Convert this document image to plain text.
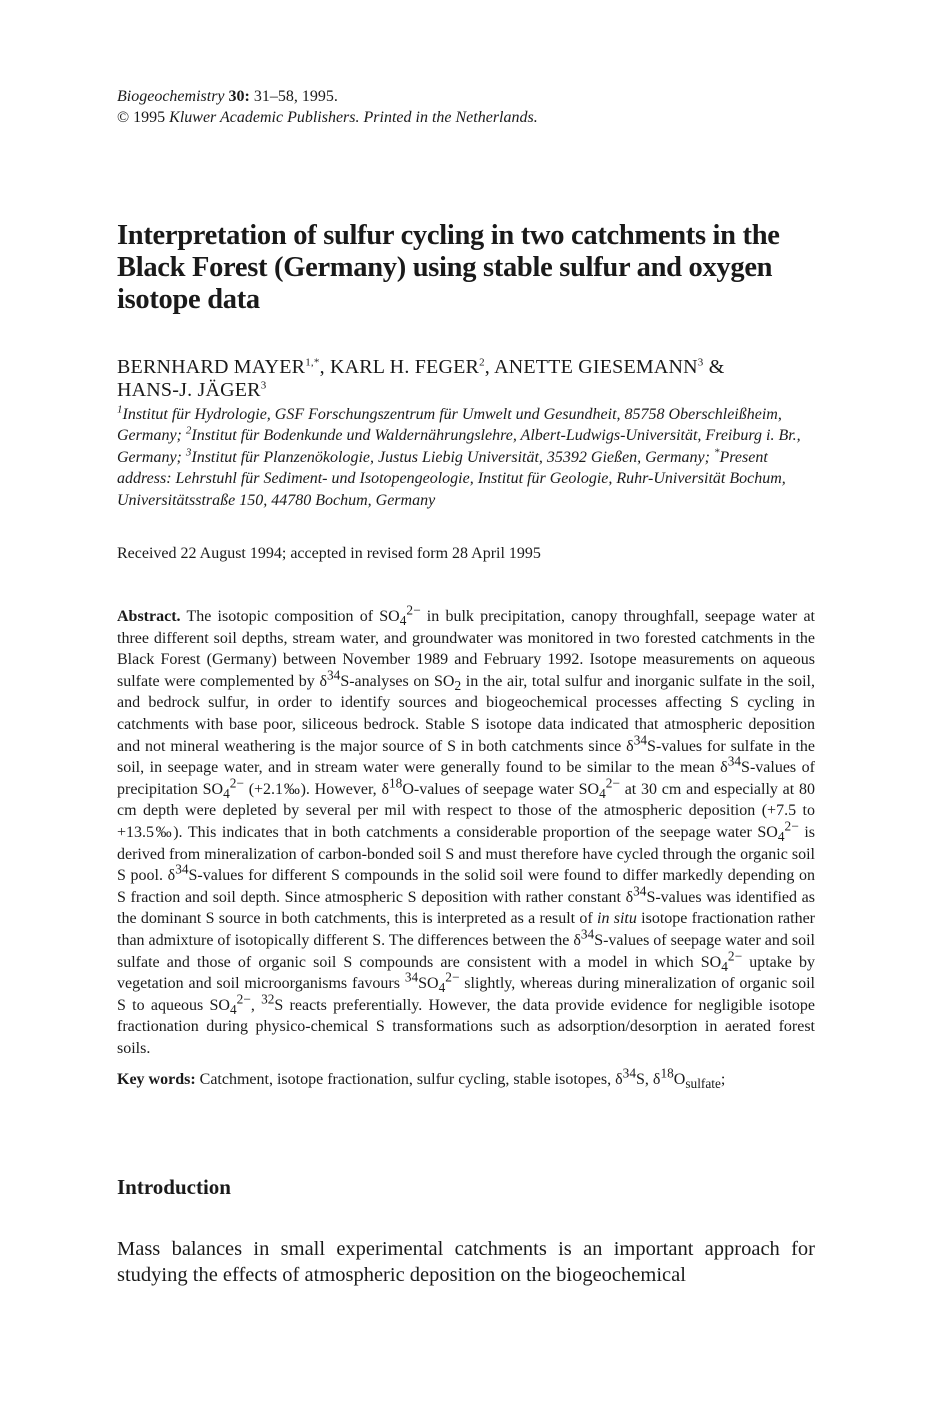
Biogeochemistry 30: 31–58, 1995.
© 1995 Kluwer Academic Publishers. Printed in the Netherlands.
Interpretation of sulfur cycling in two catchments in the Black Forest (Germany) using stable sulfur and oxygen isotope data
BERNHARD $MAYER^{1,*}$, KARL H. FEGER$^2$, ANETTE GIESEMANN$^3$ &
HANS-J. JÄGER$^3$
$^1$Institut für Hydrologie, GSF Forschungszentrum für Umwelt und Gesundheit, 85758 Oberschleißheim, Germany; $^2$Institut für Bodenkunde und Waldernährungslehre, Albert-Ludwigs-Universität, Freiburg i. Br., Germany; $^3$Institut für Planzenökologie, Justus Liebig Universität, 35392 Gießen, Germany; *Present address: Lehrstuhl für Sediment- und Isotopengeologie, Institut für Geologie, Ruhr-Universität Bochum, Universitätsstraße 150, 44780 Bochum, Germany
Received 22 August 1994; accepted in revised form 28 April 1995
Abstract. The isotopic composition of $SO_4^{2-}$ in bulk precipitation, canopy throughfall, seepage water at three different soil depths, stream water, and groundwater was monitored in two forested catchments in the Black Forest (Germany) between November 1989 and February 1992. Isotope measurements on aqueous sulfate were complemented by $\delta^{34}S$-analyses on $SO_2$ in the air, total sulfur and inorganic sulfate in the soil, and bedrock sulfur, in order to identify sources and biogeochemical processes affecting S cycling in catchments with base poor, siliceous bedrock. Stable S isotope data indicated that atmospheric deposition and not mineral weathering is the major source of S in both catchments since $\delta^{34}S$-values for sulfate in the soil, in seepage water, and in stream water were generally found to be similar to the mean $\delta^{34}S$-values of precipitation $SO_4^{2-}$ (+2.1‰). However, $\delta^{18}O$-values of seepage water $SO_4^{2-}$ at 30 cm and especially at 80 cm depth were depleted by several per mil with respect to those of the atmospheric deposition (+7.5 to +13.5‰). This indicates that in both catchments a considerable proportion of the seepage water $SO_4^{2-}$ is derived from mineralization of carbon-bonded soil S and must therefore have cycled through the organic soil S pool. $\delta^{34}S$-values for different S compounds in the solid soil were found to differ markedly depending on S fraction and soil depth. Since atmospheric S deposition with rather constant $\delta^{34}S$-values was identified as the dominant S source in both catchments, this is interpreted as a result of in situ isotope fractionation rather than admixture of isotopically different S. The differences between the $\delta^{34}S$-values of seepage water and soil sulfate and those of organic soil S compounds are consistent with a model in which $SO_4^{2-}$ uptake by vegetation and soil microorganisms favours $^{34}SO_4^{2-}$ slightly, whereas during mineralization of organic soil S to aqueous $SO_4^{2-}$, $^{32}$S reacts preferentially. However, the data provide evidence for negligible isotope fractionation during physico-chemical S transformations such as adsorption/desorption in aerated forest soils.
Key words: Catchment, isotope fractionation, sulfur cycling, stable isotopes, $\delta^{34}S$, $\delta^{18}O_{sulfate}$;
Introduction
Mass balances in small experimental catchments is an important approach for studying the effects of atmospheric deposition on the biogeochemical
